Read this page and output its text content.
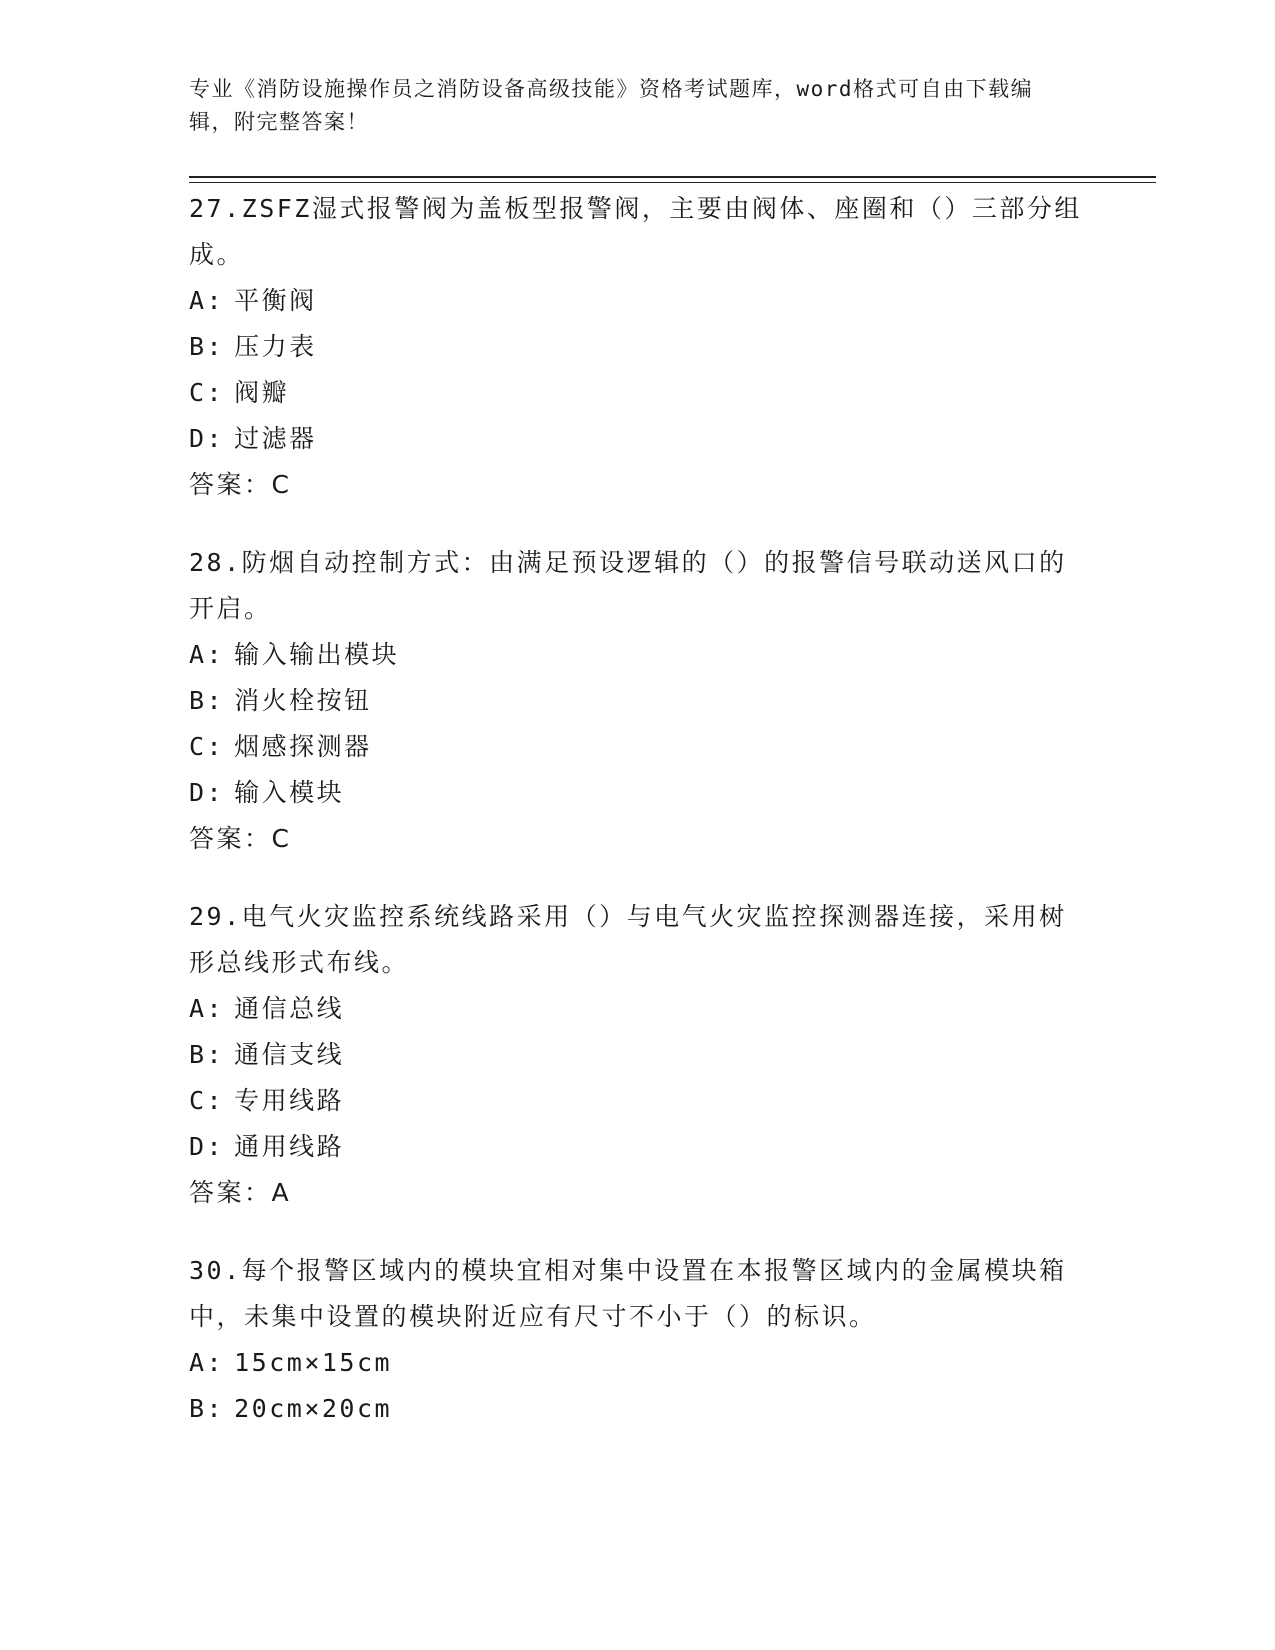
专业《消防设施操作员之消防设备高级技能》资格考试题库，word格式可自由下载编辑，附完整答案！

27.ZSFZ湿式报警阀为盖板型报警阀，主要由阀体、座圈和（）三部分组成。

A: 平衡阀

B: 压力表

C: 阀瓣

D: 过滤器

答案：C

28.防烟自动控制方式：由满足预设逻辑的（）的报警信号联动送风口的开启。

A: 输入输出模块

B: 消火栓按钮

C: 烟感探测器

D: 输入模块

答案：C

29.电气火灾监控系统线路采用（）与电气火灾监控探测器连接，采用树形总线形式布线。

A: 通信总线

B: 通信支线

C: 专用线路

D: 通用线路

答案：A

30.每个报警区域内的模块宜相对集中设置在本报警区域内的金属模块箱中，未集中设置的模块附近应有尺寸不小于（）的标识。

A: 15cm×15cm

B: 20cm×20cm
